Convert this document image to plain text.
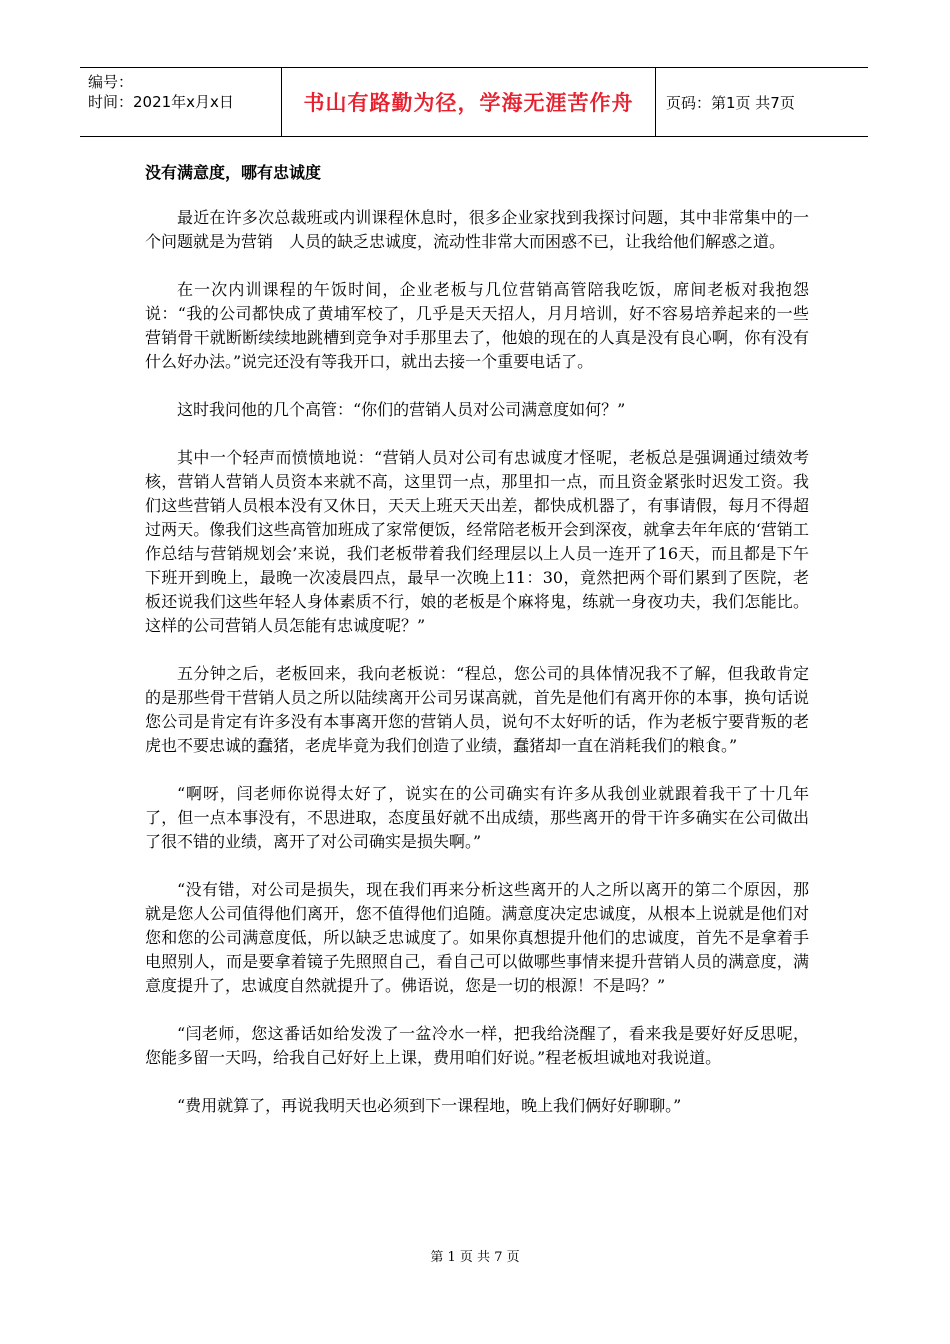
编号：
时间：2021年x月x日	书山有路勤为径，学海无涯苦作舟	页码：第1页 共7页
没有满意度，哪有忠诚度

最近在许多次总裁班或内训课程休息时，很多企业家找到我探讨问题，其中非常集中的一个问题就是为营销　人员的缺乏忠诚度，流动性非常大而困惑不已，让我给他们解惑之道。

在一次内训课程的午饭时间，企业老板与几位营销高管陪我吃饭，席间老板对我抱怨说：“我的公司都快成了黄埔军校了，几乎是天天招人，月月培训，好不容易培养起来的一些营销骨干就断断续续地跳槽到竞争对手那里去了，他娘的现在的人真是没有良心啊，你有没有什么好办法。”说完还没有等我开口，就出去接一个重要电话了。

这时我问他的几个高管：“你们的营销人员对公司满意度如何？”

其中一个轻声而愤愤地说：“营销人员对公司有忠诚度才怪呢，老板总是强调通过绩效考核，营销人营销人员资本来就不高，这里罚一点，那里扣一点，而且资金紧张时迟发工资。我们这些营销人员根本没有又休日，天天上班天天出差，都快成机器了，有事请假，每月不得超过两天。像我们这些高管加班成了家常便饭，经常陪老板开会到深夜，就拿去年年底的‘营销工作总结与营销规划会’来说，我们老板带着我们经理层以上人员一连开了16天，而且都是下午下班开到晚上，最晚一次凌晨四点，最早一次晚上11：30，竟然把两个哥们累到了医院，老板还说我们这些年轻人身体素质不行，娘的老板是个麻将鬼，练就一身夜功夫，我们怎能比。这样的公司营销人员怎能有忠诚度呢？”

五分钟之后，老板回来，我向老板说：“程总，您公司的具体情况我不了解，但我敢肯定的是那些骨干营销人员之所以陆续离开公司另谋高就，首先是他们有离开你的本事，换句话说您公司是肯定有许多没有本事离开您的营销人员，说句不太好听的话，作为老板宁要背叛的老虎也不要忠诚的蠢猪，老虎毕竟为我们创造了业绩，蠢猪却一直在消耗我们的粮食。”

“啊呀，闫老师你说得太好了，说实在的公司确实有许多从我创业就跟着我干了十几年了，但一点本事没有，不思进取，态度虽好就不出成绩，那些离开的骨干许多确实在公司做出了很不错的业绩，离开了对公司确实是损失啊。”

“没有错，对公司是损失，现在我们再来分析这些离开的人之所以离开的第二个原因，那就是您人公司值得他们离开，您不值得他们追随。满意度决定忠诚度，从根本上说就是他们对您和您的公司满意度低，所以缺乏忠诚度了。如果你真想提升他们的忠诚度，首先不是拿着手电照别人，而是要拿着镜子先照照自己，看自己可以做哪些事情来提升营销人员的满意度，满意度提升了，忠诚度自然就提升了。佛语说，您是一切的根源！不是吗？”

“闫老师，您这番话如给发泼了一盆冷水一样，把我给浇醒了，看来我是要好好反思呢，您能多留一天吗，给我自己好好上上课，费用咱们好说。”程老板坦诚地对我说道。

“费用就算了，再说我明天也必须到下一课程地，晚上我们俩好好聊聊。”

第 1 页 共 7 页
